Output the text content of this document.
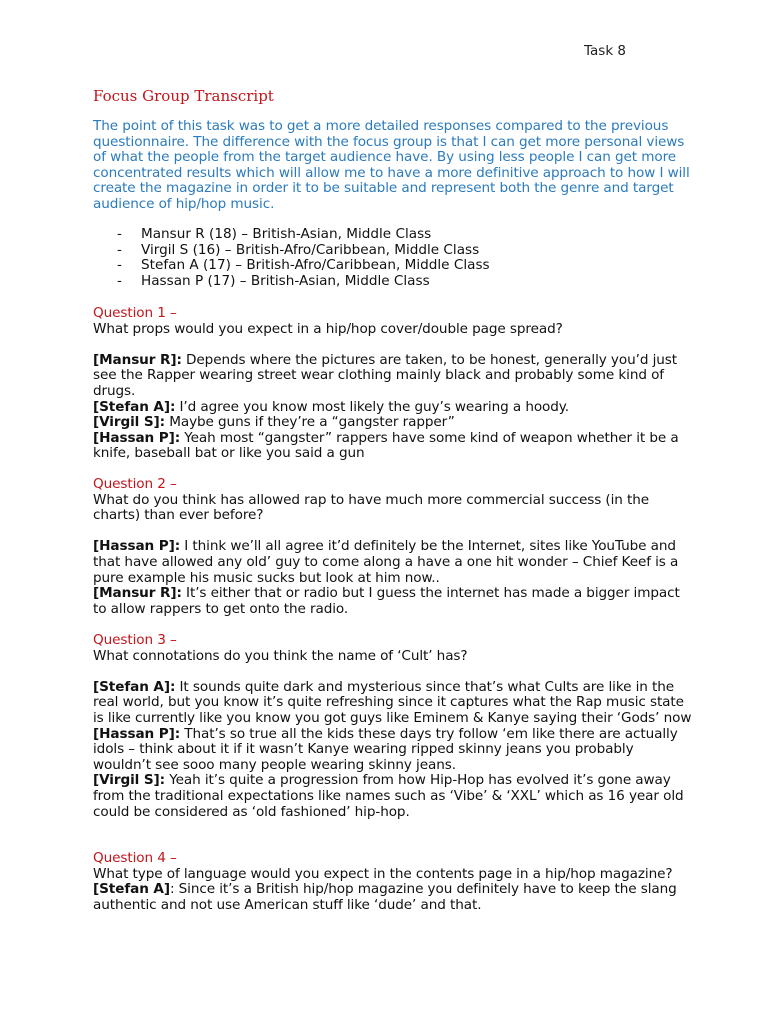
Task 8
Focus Group Transcript

The point of this task was to get a more detailed responses compared to the previous questionnaire. The difference with the focus group is that I can get more personal views of what the people from the target audience have. By using less people I can get more concentrated results which will allow me to have a more definitive approach to how I will create the magazine in order it to be suitable and represent both the genre and target audience of hip/hop music.

- Mansur R (18) – British-Asian, Middle Class
- Virgil S (16) – British-Afro/Caribbean, Middle Class
- Stefan A (17) – British-Afro/Caribbean, Middle Class
- Hassan P (17) – British-Asian, Middle Class

Question 1 –

What props would you expect in a hip/hop cover/double page spread?

[Mansur R]: Depends where the pictures are taken, to be honest, generally you’d just see the Rapper wearing street wear clothing mainly black and probably some kind of drugs.

[Stefan A]: I’d agree you know most likely the guy’s wearing a hoody.

[Virgil S]: Maybe guns if they’re a “gangster rapper”

[Hassan P]: Yeah most “gangster” rappers have some kind of weapon whether it be a knife, baseball bat or like you said a gun

Question 2 –

What do you think has allowed rap to have much more commercial success (in the charts) than ever before?

[Hassan P]: I think we’ll all agree it’d definitely be the Internet, sites like YouTube and that have allowed any old’ guy to come along a have a one hit wonder – Chief Keef is a pure example his music sucks but look at him now..

[Mansur R]: It’s either that or radio but I guess the internet has made a bigger impact to allow rappers to get onto the radio.

Question 3 –

What connotations do you think the name of ‘Cult’ has?

[Stefan A]: It sounds quite dark and mysterious since that’s what Cults are like in the real world, but you know it’s quite refreshing since it captures what the Rap music state is like currently like you know you got guys like Eminem & Kanye saying their ‘Gods’ now

[Hassan P]: That’s so true all the kids these days try follow ‘em like there are actually idols – think about it if it wasn’t Kanye wearing ripped skinny jeans you probably wouldn’t see sooo many people wearing skinny jeans.

[Virgil S]: Yeah it’s quite a progression from how Hip-Hop has evolved it’s gone away from the traditional expectations like names such as ‘Vibe’ & ‘XXL’ which as 16 year old could be considered as ‘old fashioned’ hip-hop.

Question 4 –

What type of language would you expect in the contents page in a hip/hop magazine?

[Stefan A]: Since it’s a British hip/hop magazine you definitely have to keep the slang authentic and not use American stuff like ‘dude’ and that.
